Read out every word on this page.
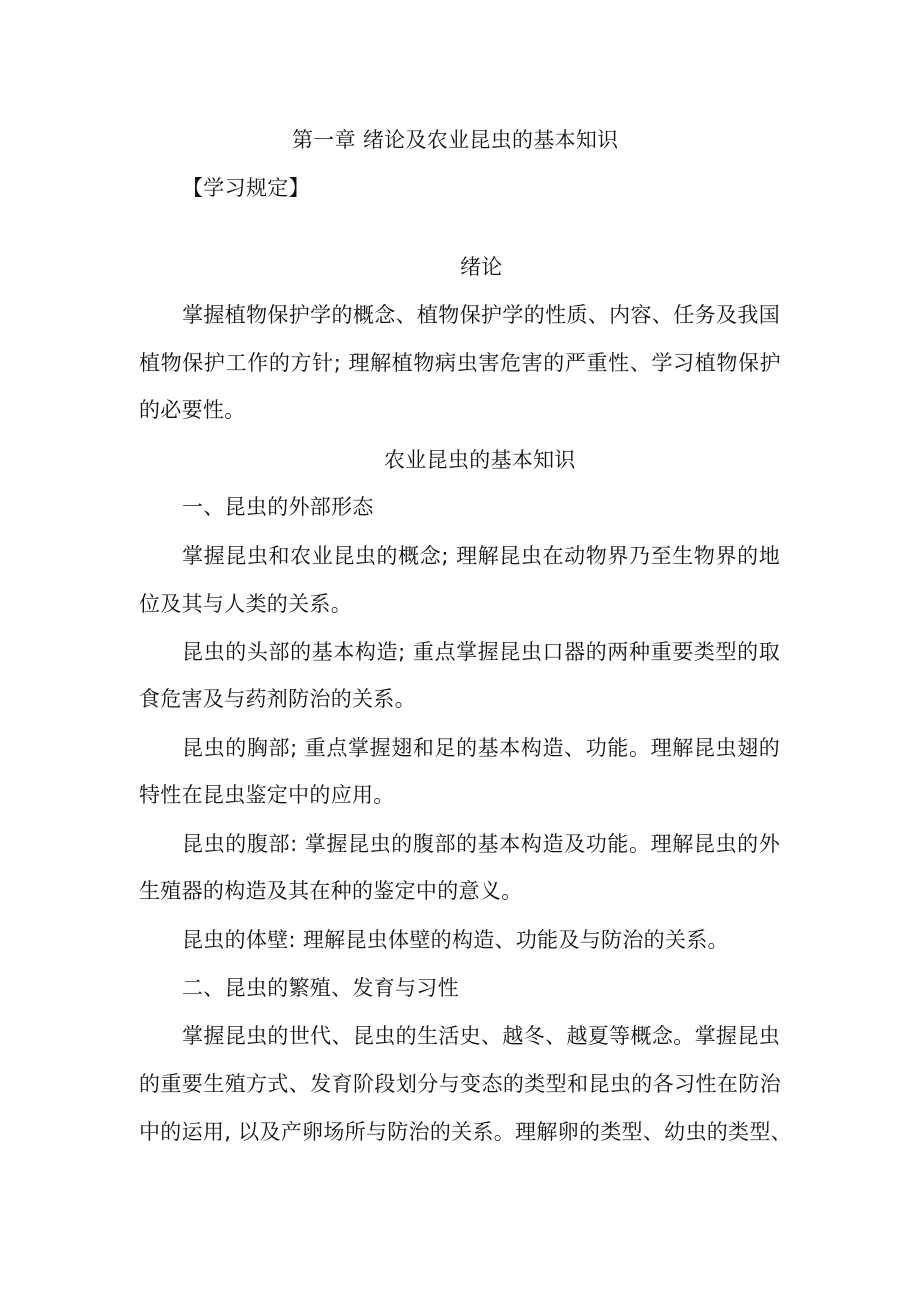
第一章 绪论及农业昆虫的基本知识
【学习规定】
绪论
掌握植物保护学的概念、植物保护学的性质、内容、任务及我国
植物保护工作的方针; 理解植物病虫害危害的严重性、学习植物保护
的必要性。
农业昆虫的基本知识
一、昆虫的外部形态
掌握昆虫和农业昆虫的概念; 理解昆虫在动物界乃至生物界的地
位及其与人类的关系。
昆虫的头部的基本构造; 重点掌握昆虫口器的两种重要类型的取
食危害及与药剂防治的关系。
昆虫的胸部; 重点掌握翅和足的基本构造、功能。理解昆虫翅的
特性在昆虫鉴定中的应用。
昆虫的腹部: 掌握昆虫的腹部的基本构造及功能。理解昆虫的外
生殖器的构造及其在种的鉴定中的意义。
昆虫的体壁: 理解昆虫体壁的构造、功能及与防治的关系。
二、昆虫的繁殖、发育与习性
掌握昆虫的世代、昆虫的生活史、越冬、越夏等概念。掌握昆虫
的重要生殖方式、发育阶段划分与变态的类型和昆虫的各习性在防治
中的运用, 以及产卵场所与防治的关系。理解卵的类型、幼虫的类型、
